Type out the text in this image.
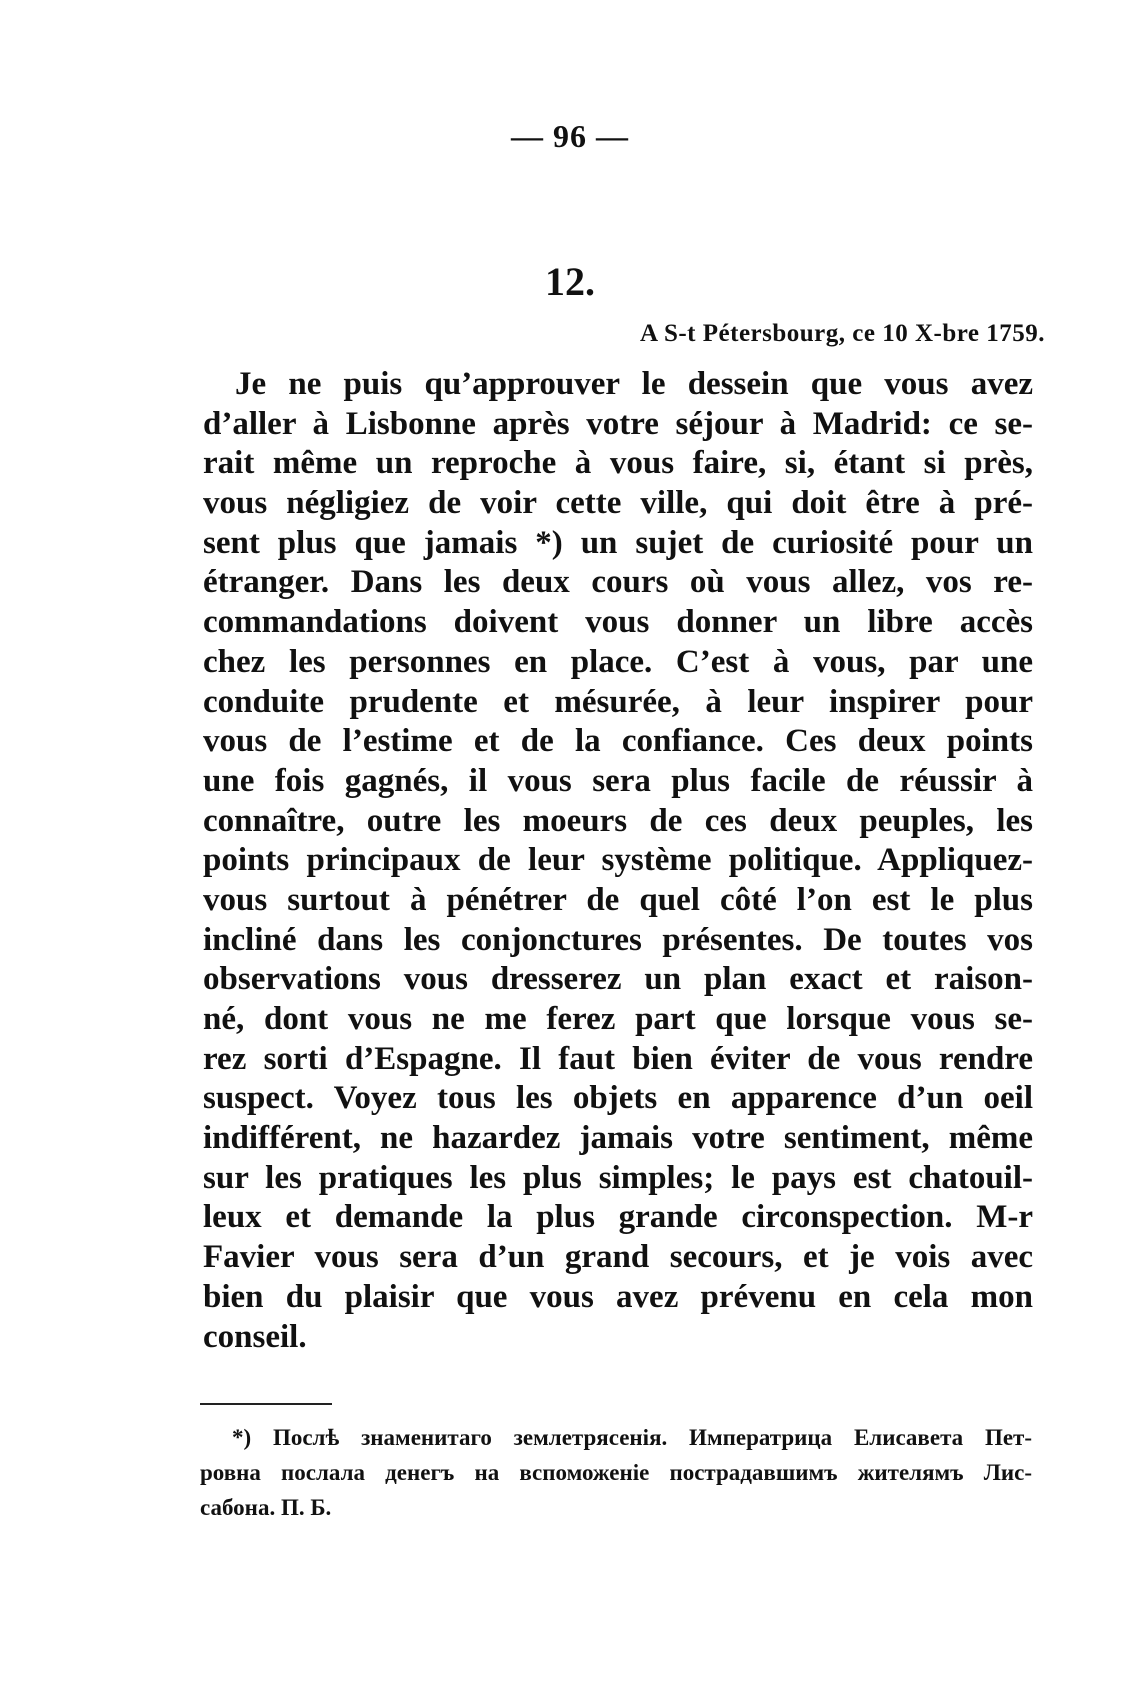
— 96 —
12.
A S-t Pétersbourg, ce 10 X-bre 1759.
Je ne puis qu’approuver le dessein que vous avez
d’aller à Lisbonne après votre séjour à Madrid: ce se-
rait même un reproche à vous faire, si, étant si près,
vous négligiez de voir cette ville, qui doit être à pré-
sent plus que jamais *) un sujet de curiosité pour un
étranger. Dans les deux cours où vous allez, vos re-
commandations doivent vous donner un libre accès
chez les personnes en place. C’est à vous, par une
conduite prudente et mésurée, à leur inspirer pour
vous de l’estime et de la confiance. Ces deux points
une fois gagnés, il vous sera plus facile de réussir à
connaître, outre les moeurs de ces deux peuples, les
points principaux de leur système politique. Appliquez-
vous surtout à pénétrer de quel côté l’on est le plus
incliné dans les conjonctures présentes. De toutes vos
observations vous dresserez un plan exact et raison-
né, dont vous ne me ferez part que lorsque vous se-
rez sorti d’Espagne. Il faut bien éviter de vous rendre
suspect. Voyez tous les objets en apparence d’un oeil
indifférent, ne hazardez jamais votre sentiment, même
sur les pratiques les plus simples; le pays est chatouil-
leux et demande la plus grande circonspection. M-r
Favier vous sera d’un grand secours, et je vois avec
bien du plaisir que vous avez prévenu en cela mon
conseil.
*) Послѣ знаменитаго землетрясенія. Императрица Елисавета Пет-
ровна послала денегъ на вспоможеніе пострадавшимъ жителямъ Лис-
сабона. П. Б.
